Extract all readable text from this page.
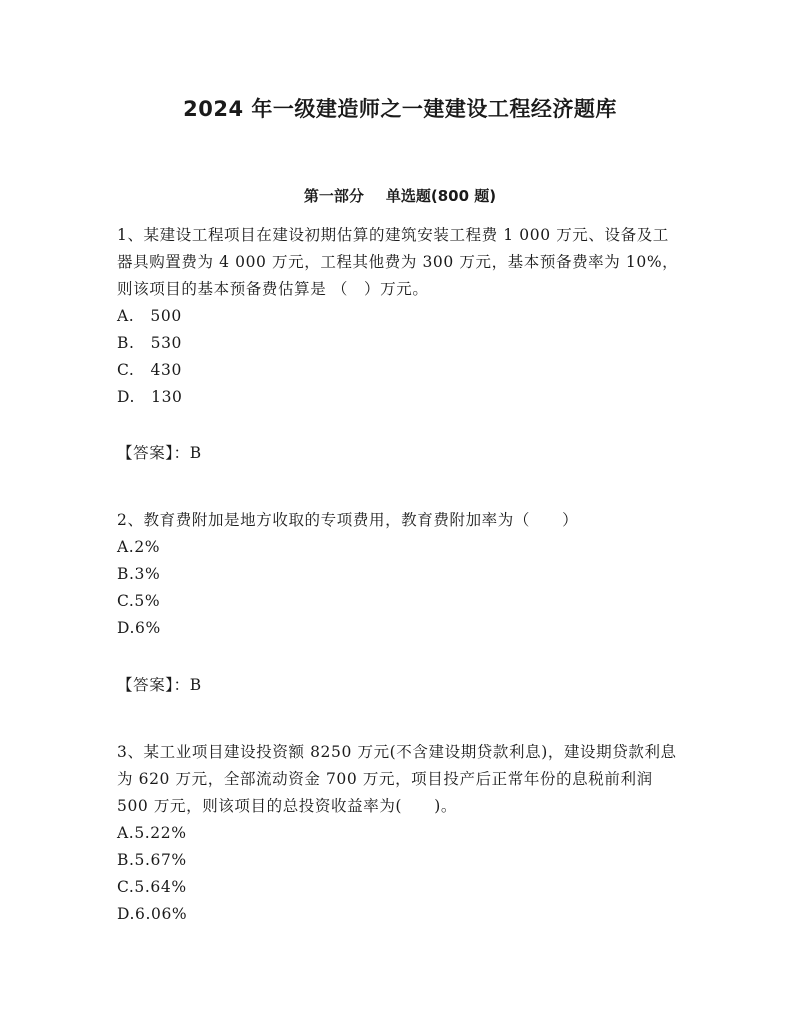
2024 年一级建造师之一建建设工程经济题库
第一部分 单选题(800 题)

1、某建设工程项目在建设初期估算的建筑安装工程费 1 000 万元、设备及工器具购置费为 4 000 万元，工程其他费为 300 万元，基本预备费率为 10%，则该项目的基本预备费估算是 （　）万元。

A.　500
B.　530
C.　430
D.　130
【答案】：B

2、教育费附加是地方收取的专项费用，教育费附加率为（　　）

A.2%
B.3%
C.5%
D.6%
【答案】：B

3、某工业项目建设投资额 8250 万元(不含建设期贷款利息)，建设期贷款利息为 620 万元，全部流动资金 700 万元，项目投产后正常年份的息税前利润 500 万元，则该项目的总投资收益率为(　　)。

A.5.22%
B.5.67%
C.5.64%
D.6.06%
